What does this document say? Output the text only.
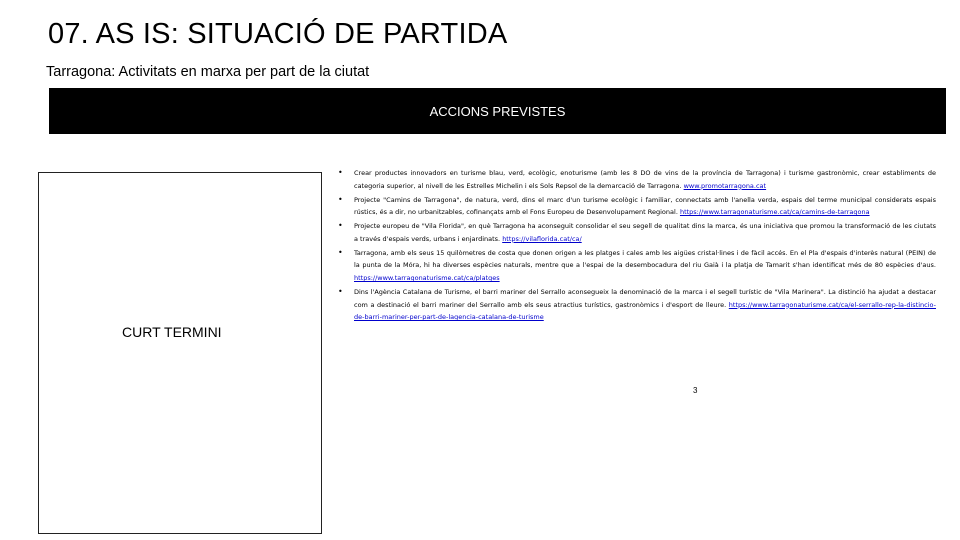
07. AS IS: SITUACIÓ DE PARTIDA
Tarragona: Activitats en marxa per part de la ciutat
ACCIONS PREVISTES
CURT TERMINI
• Crear productes innovadors en turisme blau, verd, ecològic, enoturisme (amb les 8 DO de vins de la província de Tarragona) i turisme gastronòmic, crear establiments de categoria superior, al nivell de les Estrelles Michelin i els Sols Repsol de la demarcació de Tarragona. www.promotarragona.cat
• Projecte "Camins de Tarragona", de natura, verd, dins el marc d'un turisme ecològic i familiar, connectats amb l'anella verda, espais del terme municipal considerats espais rústics, és a dir, no urbanitzables, cofinançats amb el Fons Europeu de Desenvolupament Regional. https://www.tarragonaturisme.cat/ca/camins-de-tarragona
• Projecte europeu de "Vila Florida", en què Tarragona ha aconseguit consolidar el seu segell de qualitat dins la marca, és una iniciativa que promou la transformació de les ciutats a través d'espais verds, urbans i enjardinats. https://vilaflorida.cat/ca/
• Tarragona, amb els seus 15 quilòmetres de costa que donen origen a les platges i cales amb les aigües cristal·lines i de fàcil accés. En el Pla d'espais d'interès natural (PEIN) de la punta de la Móra, hi ha diverses espècies naturals, mentre que a l'espai de la desembocadura del riu Gaià i la platja de Tamarit s'han identificat més de 80 espècies d'aus. https://www.tarragonaturisme.cat/ca/platges
• Dins l'Agència Catalana de Turisme, el barri mariner del Serrallo aconsegueix la denominació de la marca i el segell turístic de "Vila Marinera". La distinció ha ajudat a destacar com a destinació el barri mariner del Serrallo amb els seus atractius turístics, gastronòmics i d'esport de lleure. https://www.tarragonaturisme.cat/ca/el-serrallo-rep-la-distincio-de-barri-mariner-per-part-de-lagencia-catalana-de-turisme
3
